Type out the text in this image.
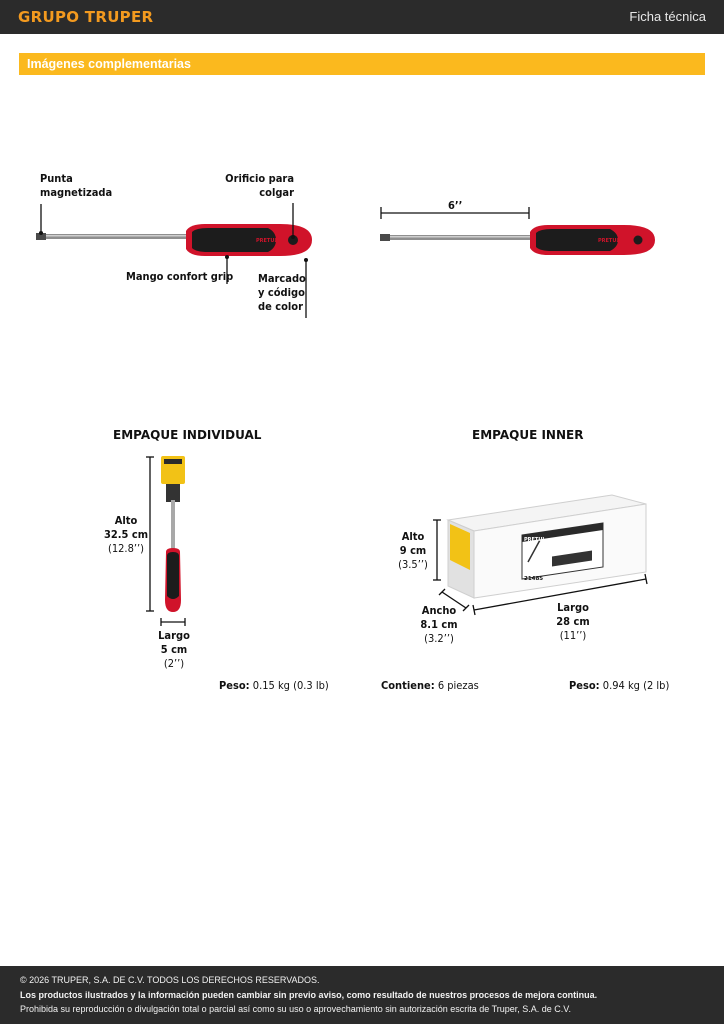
GRUPO TRUPER	Ficha técnica
Imágenes complementarias
PRETUL	PRETUL
Punta
magnetizada
Orificio para
colgar
Mango confort grip Marcado
y código
de color
6’’
EMPAQUE INDIVIDUAL	EMPAQUE INNER
Alto
32.5 cm
(12.8’’)
Largo
5 cm
(2’’)
Peso: 0.15 kg (0.3 lb)
21485
PRETUL
Alto
9 cm
(3.5’’)
Ancho
8.1 cm
(3.2’’)
Largo
28 cm
(11’’)
Contiene: 6 piezas	Peso: 0.94 kg (2 lb)
© 2026 TRUPER, S.A. DE C.V. TODOS LOS DERECHOS RESERVADOS.
Los productos ilustrados y la información pueden cambiar sin previo aviso, como resultado de nuestros procesos de mejora continua.
Prohibida su reproducción o divulgación total o parcial así como su uso o aprovechamiento sin autorización escrita de Truper, S.A. de C.V.
